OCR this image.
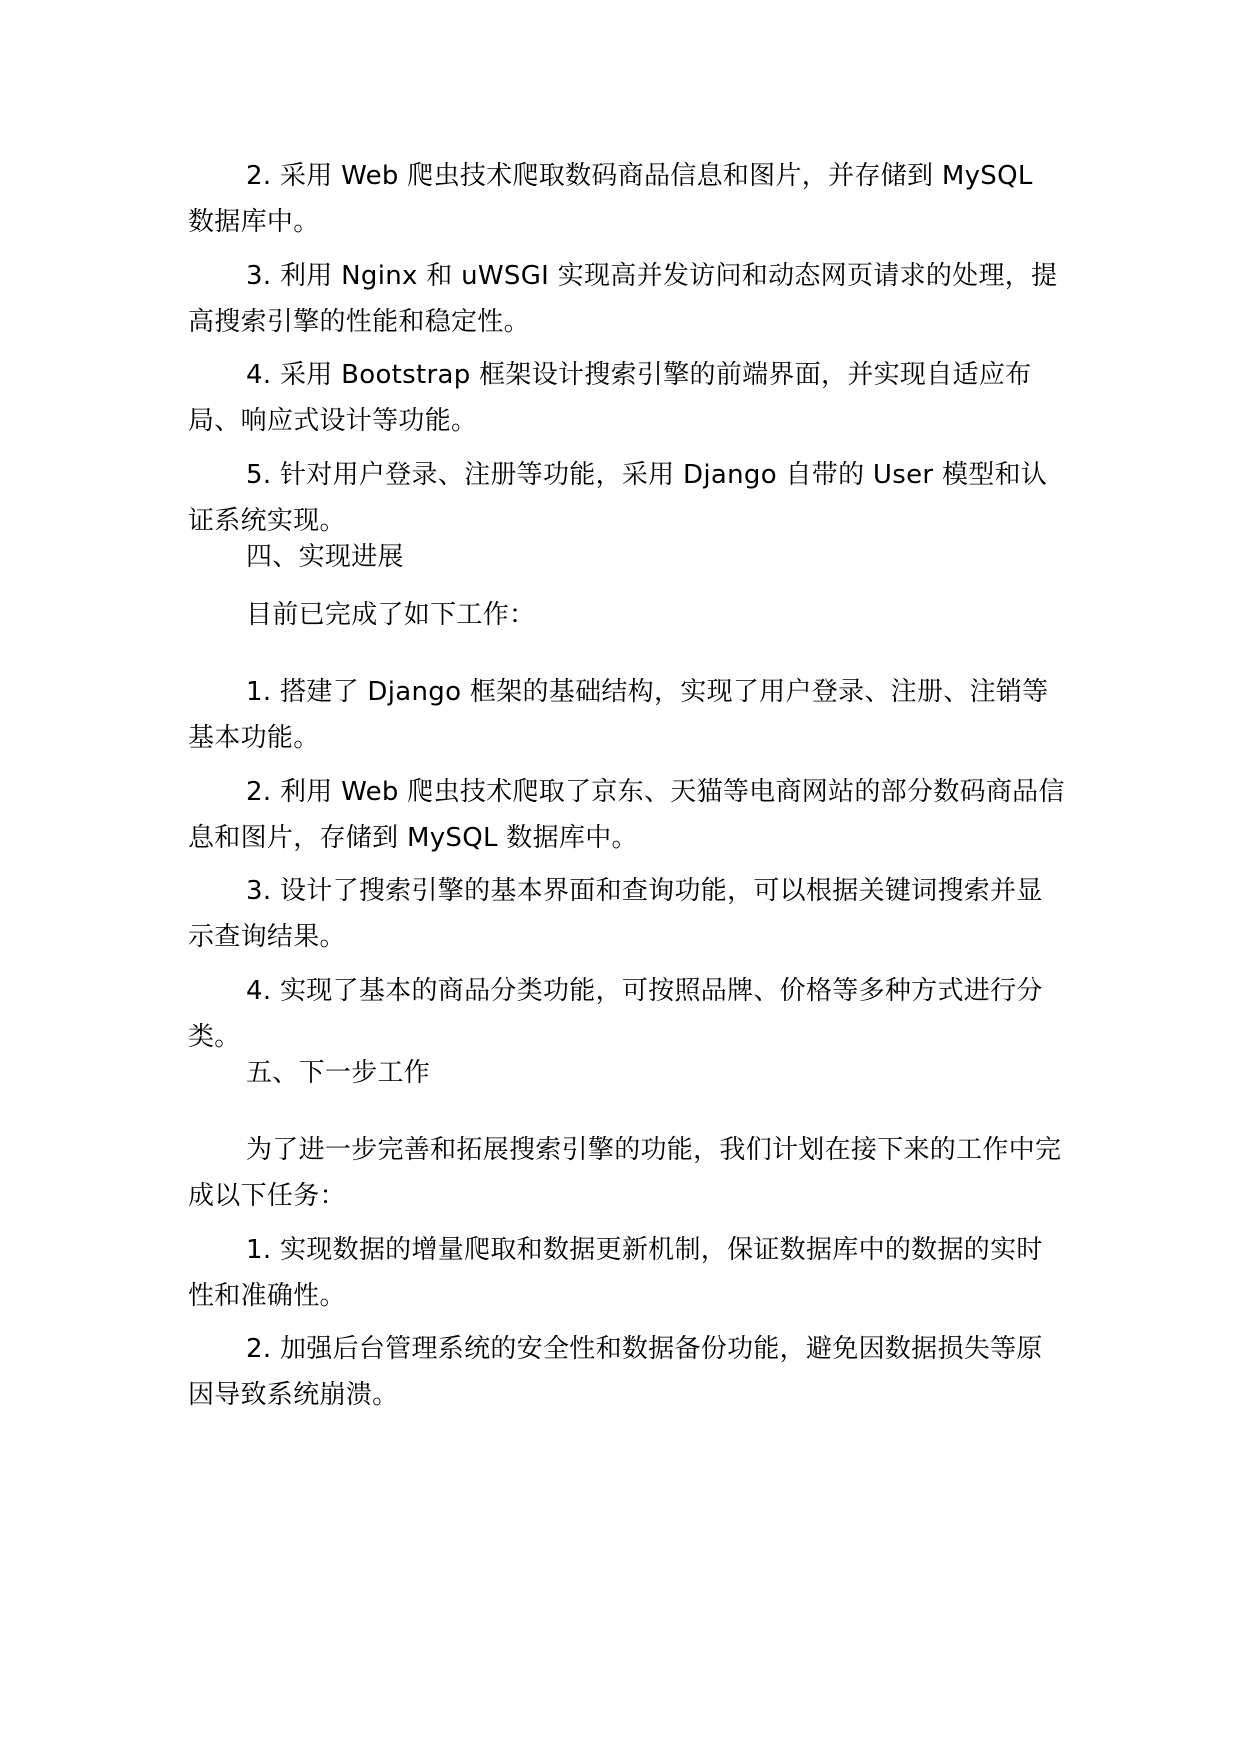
2. 采用 Web 爬虫技术爬取数码商品信息和图片，并存储到 MySQL 数据库中。

3. 利用 Nginx 和 uWSGI 实现高并发访问和动态网页请求的处理，提高搜索引擎的性能和稳定性。

4. 采用 Bootstrap 框架设计搜索引擎的前端界面，并实现自适应布局、响应式设计等功能。

5. 针对用户登录、注册等功能，采用 Django 自带的 User 模型和认证系统实现。

四、实现进展

目前已完成了如下工作：

1. 搭建了 Django 框架的基础结构，实现了用户登录、注册、注销等基本功能。

2. 利用 Web 爬虫技术爬取了京东、天猫等电商网站的部分数码商品信息和图片，存储到 MySQL 数据库中。

3. 设计了搜索引擎的基本界面和查询功能，可以根据关键词搜索并显示查询结果。

4. 实现了基本的商品分类功能，可按照品牌、价格等多种方式进行分类。

五、下一步工作

为了进一步完善和拓展搜索引擎的功能，我们计划在接下来的工作中完成以下任务：

1. 实现数据的增量爬取和数据更新机制，保证数据库中的数据的实时性和准确性。

2. 加强后台管理系统的安全性和数据备份功能，避免因数据损失等原因导致系统崩溃。
